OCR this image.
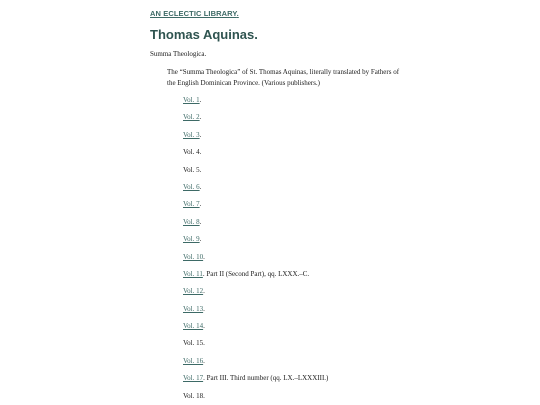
AN ECLECTIC LIBRARY.
Thomas Aquinas.
Summa Theologica.
The “Summa Theologica” of St. Thomas Aquinas, literally translated by Fathers of the English Dominican Province. (Various publishers.)
Vol. 1.
Vol. 2.
Vol. 3.
Vol. 4.
Vol. 5.
Vol. 6.
Vol. 7.
Vol. 8.
Vol. 9.
Vol. 10.
Vol. 11. Part II (Second Part), qq. LXXX.–C.
Vol. 12.
Vol. 13.
Vol. 14.
Vol. 15.
Vol. 16.
Vol. 17. Part III. Third number (qq. LX.–LXXXIII.)
Vol. 18.
